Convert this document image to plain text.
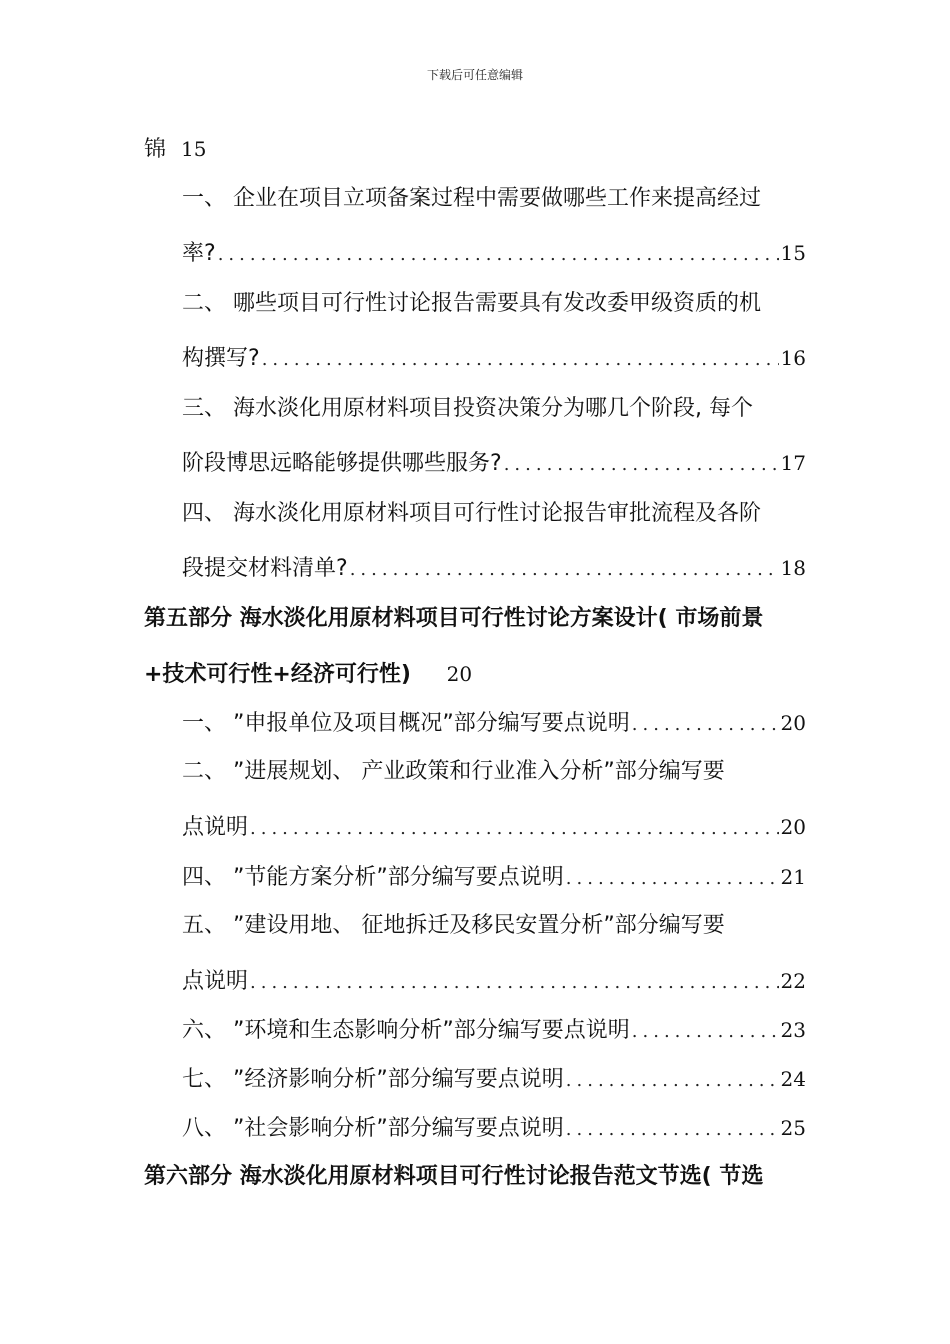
下载后可任意编辑
锦 15
一、 企业在项目立项备案过程中需要做哪些工作来提高经过
率? .....	15
二、 哪些项目可行性讨论报告需要具有发改委甲级资质的机
构撰写? .....	16
三、 海水淡化用原材料项目投资决策分为哪几个阶段, 每个
阶段博思远略能够提供哪些服务? .....	17
四、 海水淡化用原材料项目可行性讨论报告审批流程及各阶
段提交材料清单? .....	18
第五部分 海水淡化用原材料项目可行性讨论方案设计( 市场前景
+技术可行性+经济可行性) 20
一、 ”申报单位及项目概况”部分编写要点说明 .....	20
二、 ”进展规划、 产业政策和行业准入分析”部分编写要
点说明 .....	20
四、 ”节能方案分析”部分编写要点说明 .....	21
五、 ”建设用地、 征地拆迁及移民安置分析”部分编写要
点说明 .....	22
六、 ”环境和生态影响分析”部分编写要点说明 .....	23
七、 ”经济影响分析”部分编写要点说明 .....	24
八、 ”社会影响分析”部分编写要点说明 .....	25
第六部分 海水淡化用原材料项目可行性讨论报告范文节选( 节选
